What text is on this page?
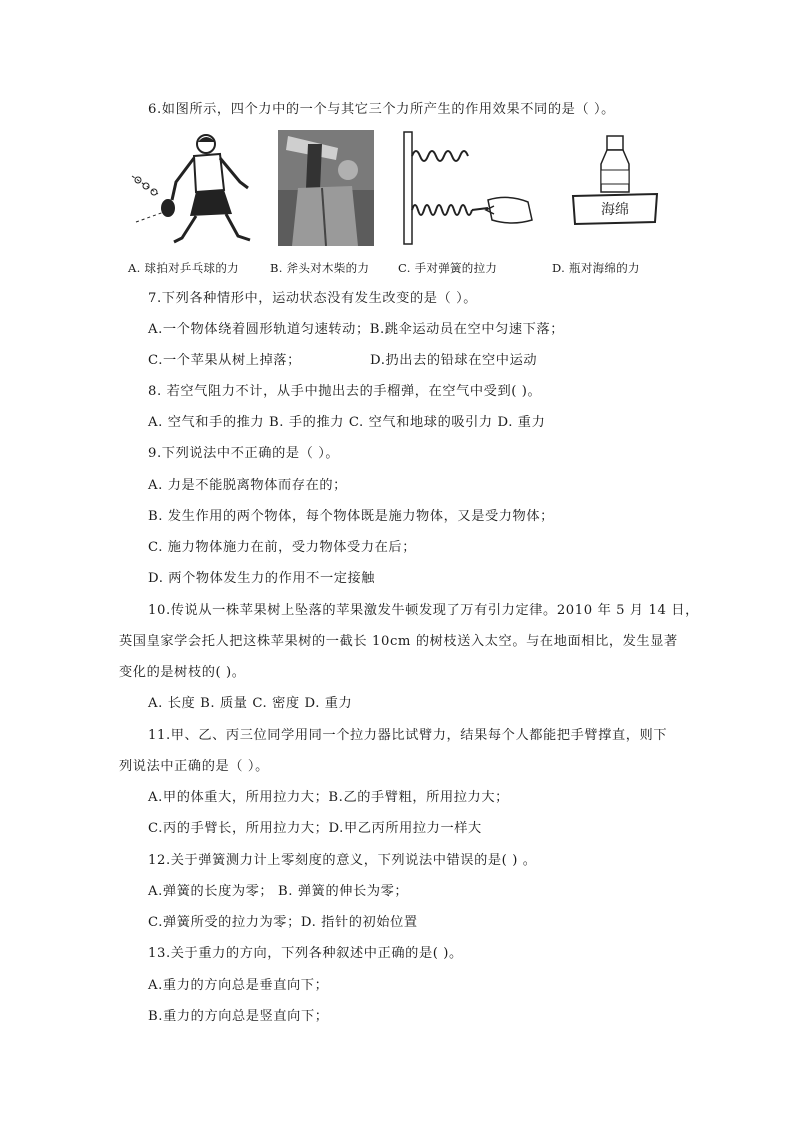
6.如图所示，四个力中的一个与其它三个力所产生的作用效果不同的是（ ）。
海绵
A. 球拍对乒乓球的力	B. 斧头对木柴的力 C. 手对弹簧的拉力	D. 瓶对海绵的力
7.下列各种情形中，运动状态没有发生改变的是（ ）。
A.一个物体绕着圆形轨道匀速转动；B.跳伞运动员在空中匀速下落；
C.一个苹果从树上掉落；	D.扔出去的铅球在空中运动
8. 若空气阻力不计，从手中抛出去的手榴弹，在空气中受到( )。
A. 空气和手的推力 B. 手的推力 C. 空气和地球的吸引力 D. 重力
9.下列说法中不正确的是（ ）。
A. 力是不能脱离物体而存在的；
B. 发生作用的两个物体，每个物体既是施力物体，又是受力物体；
C. 施力物体施力在前，受力物体受力在后；
D. 两个物体发生力的作用不一定接触
10.传说从一株苹果树上坠落的苹果激发牛顿发现了万有引力定律。2010 年 5 月 14 日，
英国皇家学会托人把这株苹果树的一截长 10cm 的树枝送入太空。与在地面相比，发生显著
变化的是树枝的( )。
A. 长度 B. 质量 C. 密度 D. 重力
11.甲、乙、丙三位同学用同一个拉力器比试臂力，结果每个人都能把手臂撑直，则下
列说法中正确的是（ ）。
A.甲的体重大，所用拉力大；B.乙的手臂粗，所用拉力大；
C.丙的手臂长，所用拉力大；D.甲乙丙所用拉力一样大
12.关于弹簧测力计上零刻度的意义，下列说法中错误的是( ) 。
A.弹簧的长度为零； B. 弹簧的伸长为零；
C.弹簧所受的拉力为零；D. 指针的初始位置
13.关于重力的方向，下列各种叙述中正确的是( )。
A.重力的方向总是垂直向下；
B.重力的方向总是竖直向下；
